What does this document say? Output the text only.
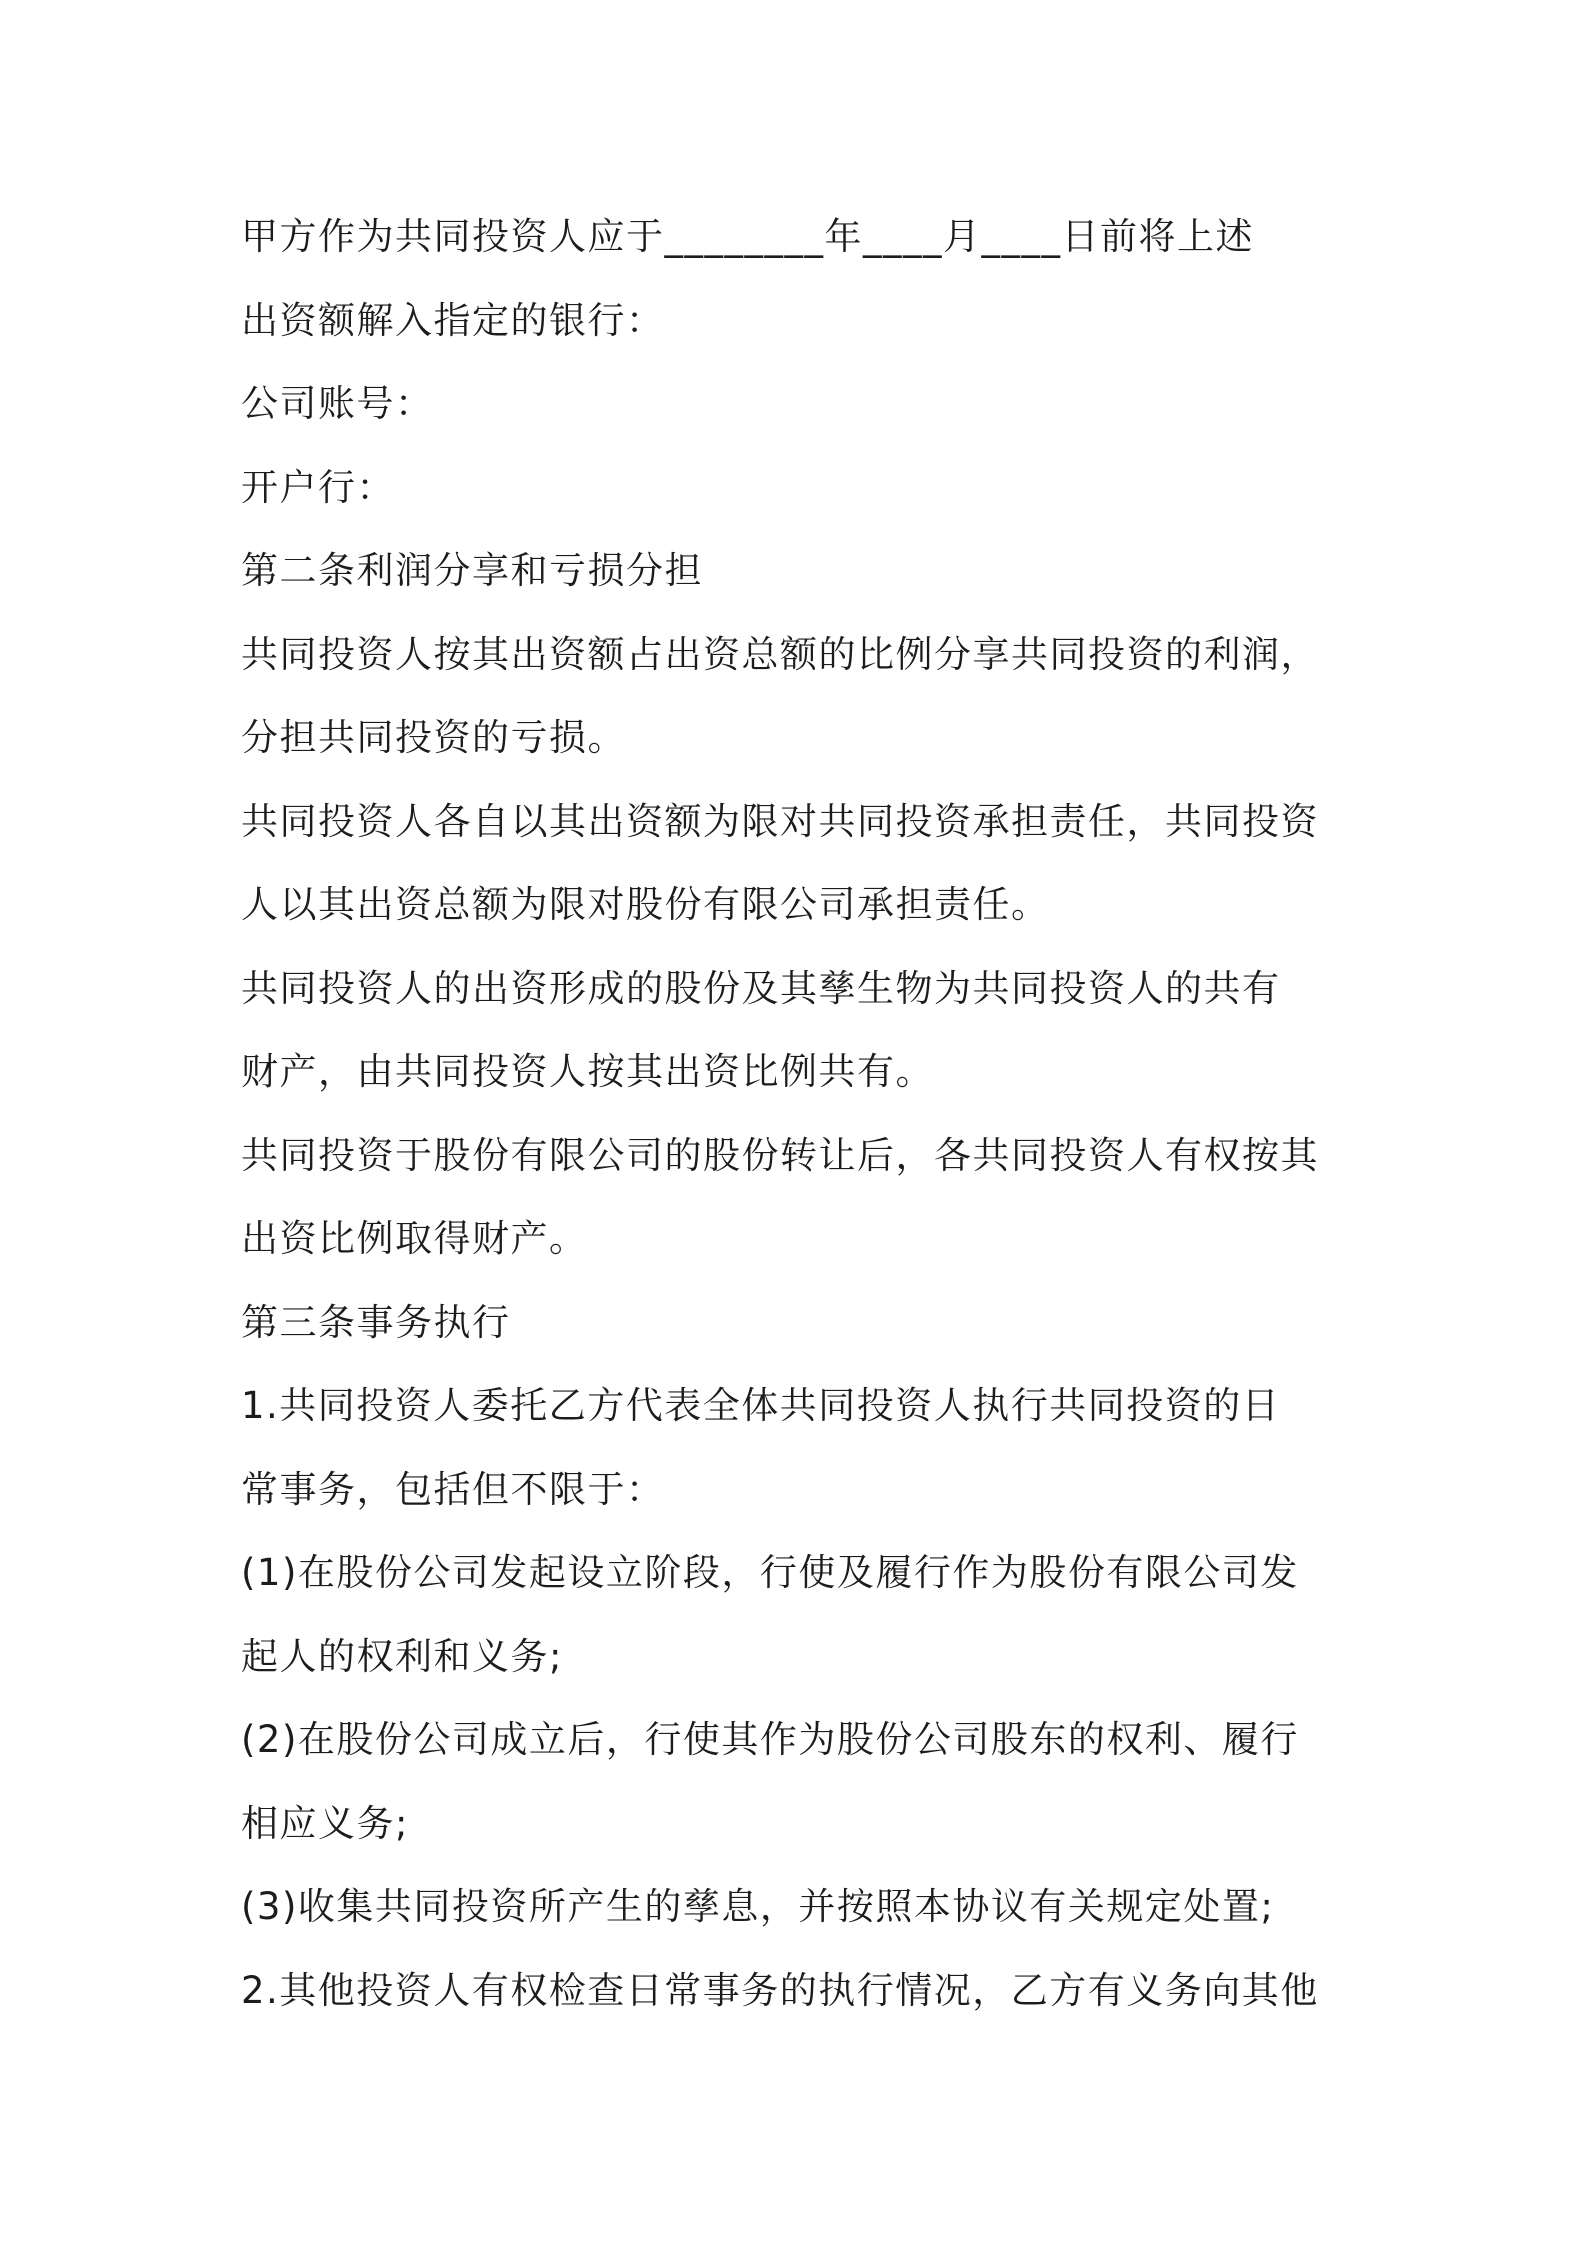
甲方作为共同投资人应于________年____月____日前将上述
出资额解入指定的银行：
公司账号：
开户行：
第二条利润分享和亏损分担
共同投资人按其出资额占出资总额的比例分享共同投资的利润，
分担共同投资的亏损。
共同投资人各自以其出资额为限对共同投资承担责任，共同投资
人以其出资总额为限对股份有限公司承担责任。
共同投资人的出资形成的股份及其孳生物为共同投资人的共有
财产，由共同投资人按其出资比例共有。
共同投资于股份有限公司的股份转让后，各共同投资人有权按其
出资比例取得财产。
第三条事务执行
1.共同投资人委托乙方代表全体共同投资人执行共同投资的日
常事务，包括但不限于：
(1)在股份公司发起设立阶段，行使及履行作为股份有限公司发
起人的权利和义务;
(2)在股份公司成立后，行使其作为股份公司股东的权利、履行
相应义务;
(3)收集共同投资所产生的孳息，并按照本协议有关规定处置;
2.其他投资人有权检查日常事务的执行情况，乙方有义务向其他
